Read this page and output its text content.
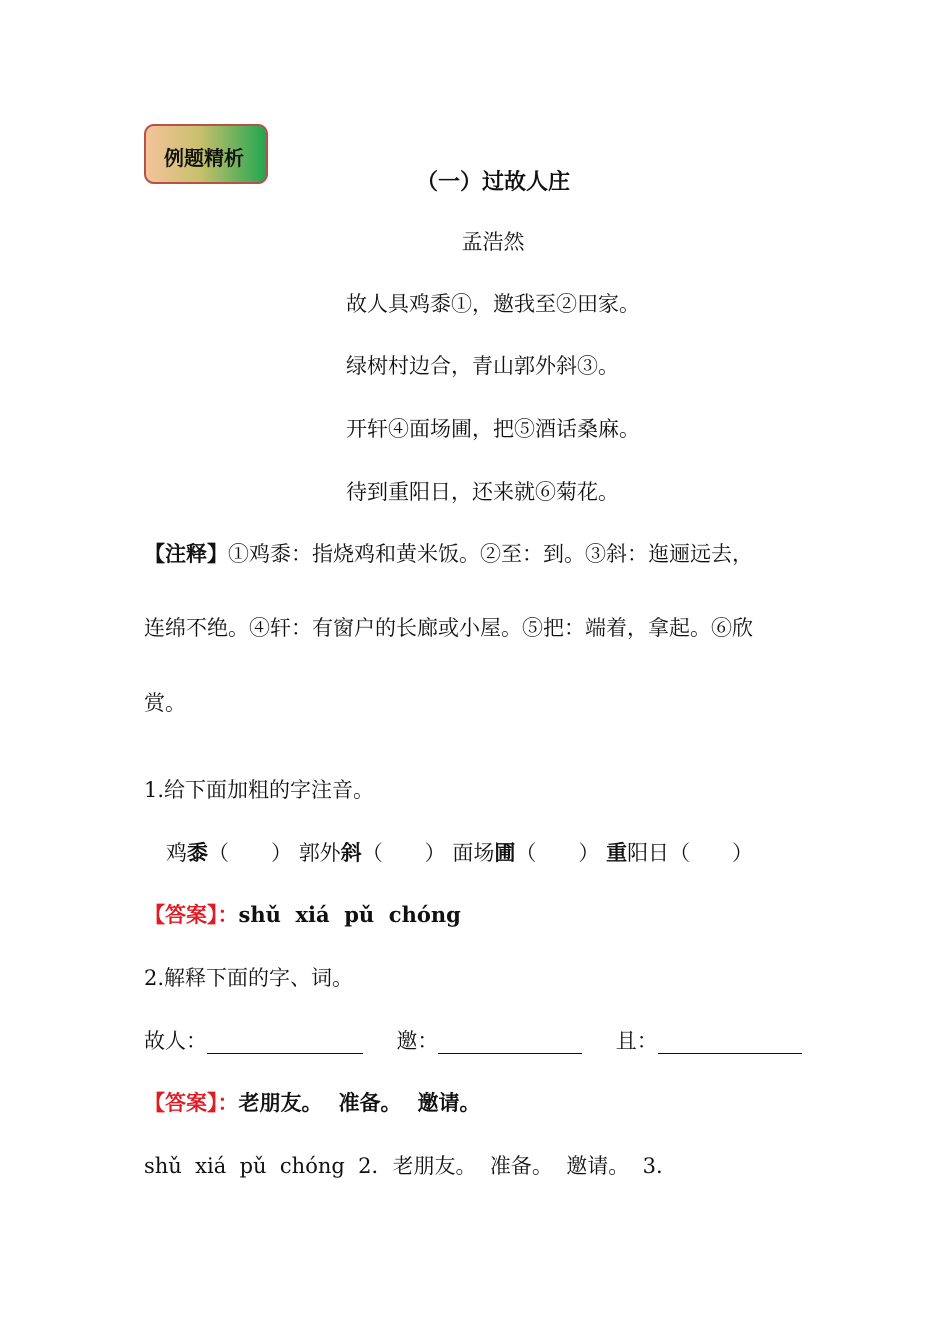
例题精析
（一）过故人庄
孟浩然
故人具鸡黍①，邀我至②田家。
绿树村边合，青山郭外斜③。
开轩④面场圃，把⑤酒话桑麻。
待到重阳日，还来就⑥菊花。
【注释】①鸡黍：指烧鸡和黄米饭。②至：到。③斜：迤逦远去，
连绵不绝。④轩：有窗户的长廊或小屋。⑤把：端着，拿起。⑥欣
赏。
1.给下面加粗的字注音。
鸡黍（　　） 郭外斜（　　） 面场圃（　　） 重阳日（　　）
【答案】：shǔ  xiá  pǔ  chóng
2.解释下面的字、词。
故人：	邀：	且：
【答案】：老朋友。 准备。 邀请。
shǔ  xiá  pǔ  chóng  2．老朋友。  准备。  邀请。  3.
